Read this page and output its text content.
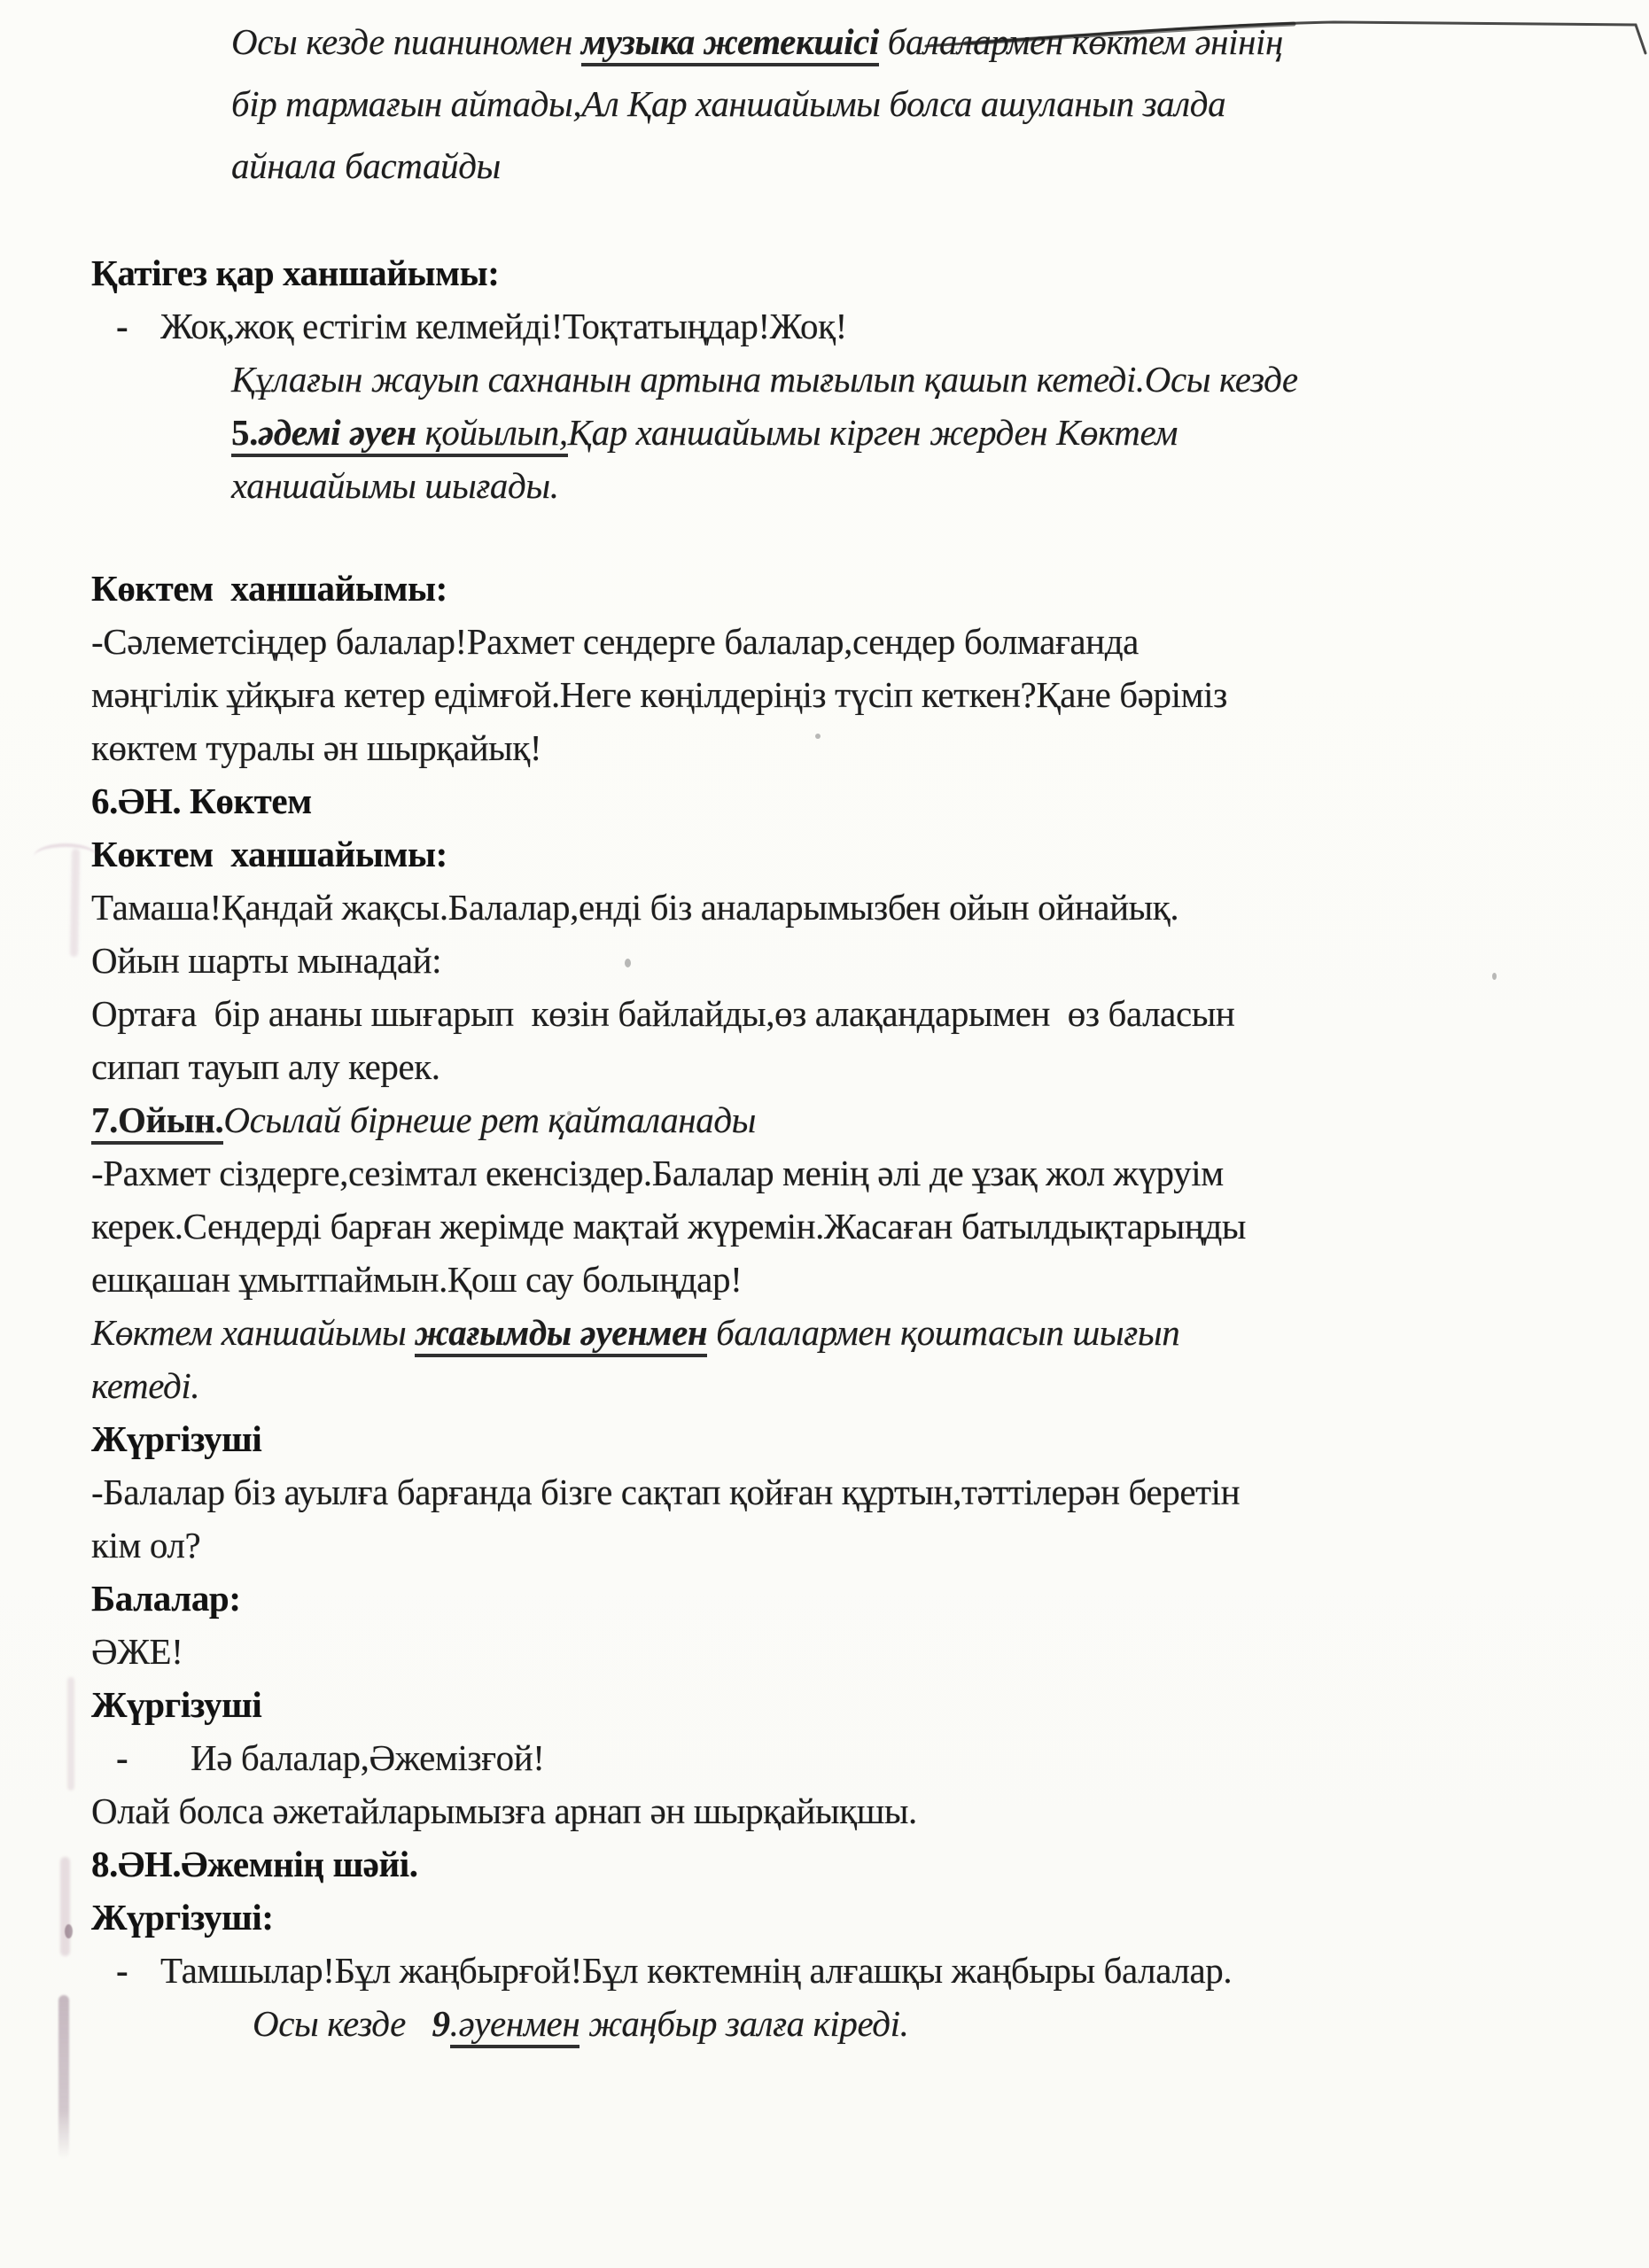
Осы кезде пианиномен музыка жетекшісі балалармен көктем әнінің
бір тармағын айтады,Ал Қар ханшайымы болса ашуланып залда
айнала бастайды
Қатігез қар ханшайымы:
- Жоқ,жоқ естігім келмейді!Тоқтатыңдар!Жоқ!
Құлағын жауып сахнанын артына тығылып қашып кетеді.Осы кезде
5.әдемі әуен қойылып,Қар ханшайымы кірген жерден Көктем
ханшайымы шығады.
Көктем  ханшайымы:
-Сәлеметсіңдер балалар!Рахмет сендерге балалар,сендер болмағанда
мәңгілік ұйқыға кетер едімғой.Неге көңілдеріңіз түсіп кеткен?Қане бәріміз
көктем туралы ән шырқайық!
6.ӘН. Көктем
Көктем  ханшайымы:
Тамаша!Қандай жақсы.Балалар,енді біз аналарымызбен ойын ойнайық.
Ойын шарты мынадай:
Ортаға  бір ананы шығарып  көзін байлайды,өз алақандарымен  өз баласын
сипап тауып алу керек.
7.Ойын.Осылай бірнеше рет қайталанады
-Рахмет сіздерге,сезімтал екенсіздер.Балалар менің әлі де ұзақ жол жүруім
керек.Сендерді барған жерімде мақтай жүремін.Жасаған батылдықтарыңды
ешқашан ұмытпаймын.Қош сау болыңдар!
Көктем ханшайымы жағымды әуенмен балалармен қоштасып шығып
кетеді.
Жүргізуші
-Балалар біз ауылға барғанда бізге сақтап қойған құртын,тәттілерән беретін
кім ол?
Балалар:
ӘЖЕ!
Жүргізуші
- Иә балалар,Әжемізғой!
Олай болса әжетайларымызға арнап ән шырқайықшы.
8.ӘН.Әжемнің шәйі.
Жүргізуші:
- Тамшылар!Бұл жаңбырғой!Бұл көктемнің алғашқы жаңбыры балалар.
Осы кезде   9.әуенмен жаңбыр залға кіреді.
